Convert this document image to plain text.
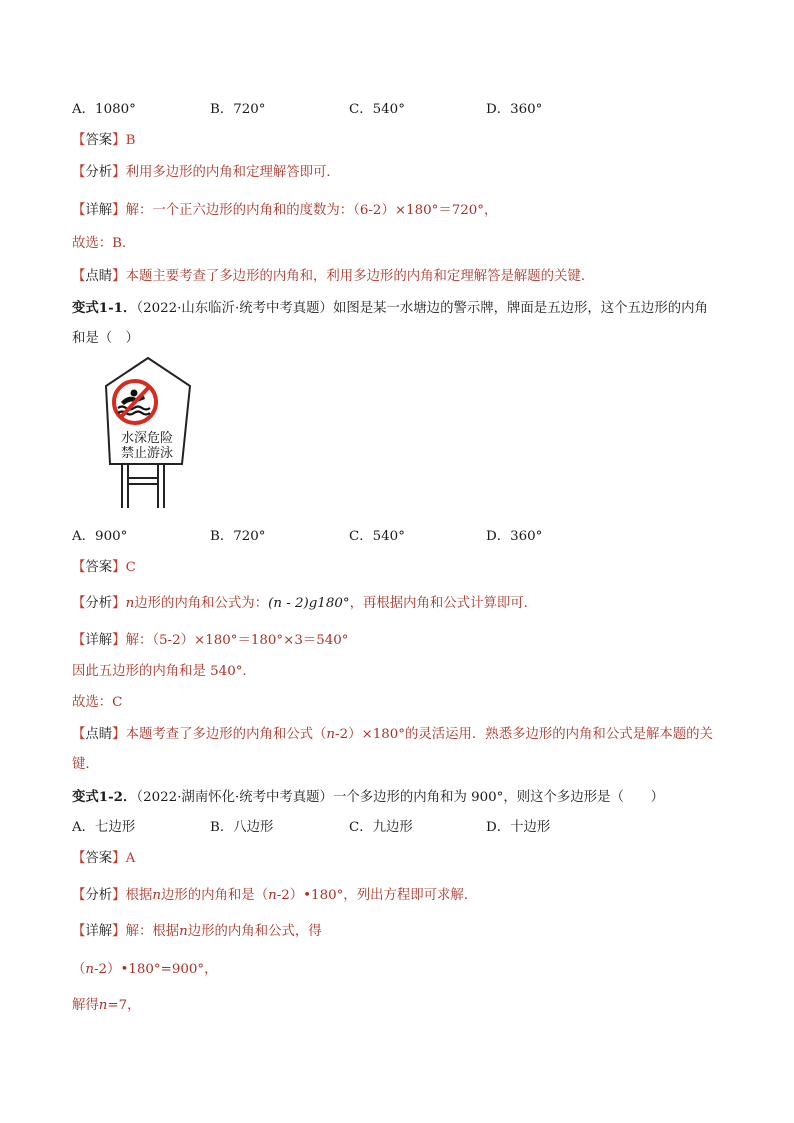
A．1080°	B．720°	C．540°	D．360°
【答案】B
【分析】利用多边形的内角和定理解答即可．
【详解】解：一个正六边形的内角和的度数为：（6-2）×180°＝720°，
故选：B．
【点睛】本题主要考查了多边形的内角和，利用多边形的内角和定理解答是解题的关键．
变式1-1．（2022·山东临沂·统考中考真题）如图是某一水塘边的警示牌，牌面是五边形，这个五边形的内角
和是（　）
水深危险
禁止游泳
A．900°	B．720°	C．540°	D．360°
【答案】C
【分析】n边形的内角和公式为：(n - 2)g180°，再根据内角和公式计算即可．
【详解】解：（5-2）×180°＝180°×3＝540°
因此五边形的内角和是 540°．
故选：C
【点睛】本题考查了多边形的内角和公式（n-2）×180°的灵活运用．熟悉多边形的内角和公式是解本题的关
键．
变式1-2．（2022·湖南怀化·统考中考真题）一个多边形的内角和为 900°，则这个多边形是（　　）
A．七边形	B．八边形	C．九边形	D．十边形
【答案】A
【分析】根据n边形的内角和是（n-2）•180°，列出方程即可求解．
【详解】解：根据n边形的内角和公式，得
（n-2）•180°=900°，
解得n=7，
